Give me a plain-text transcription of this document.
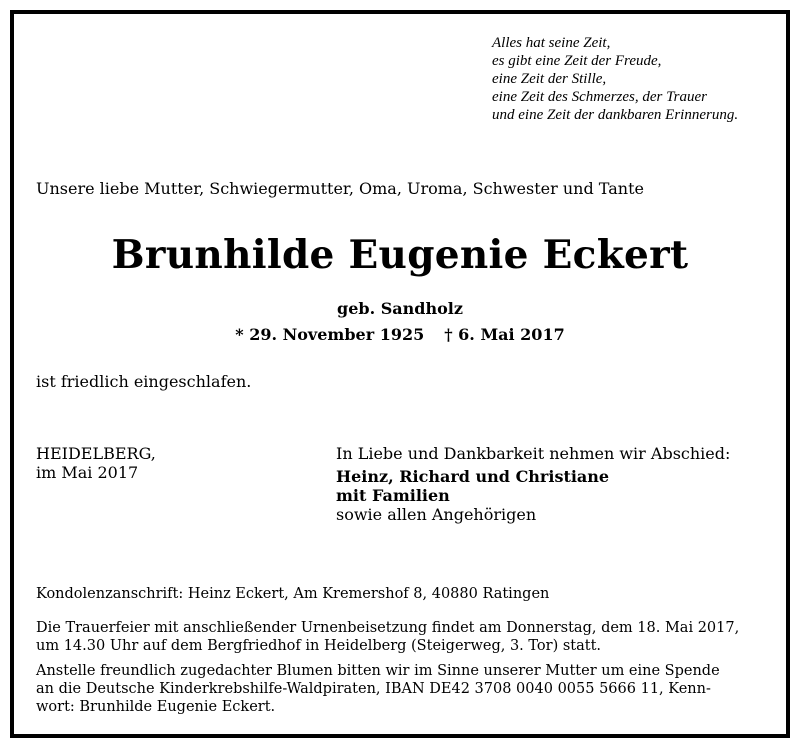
Alles hat seine Zeit,
es gibt eine Zeit der Freude,
eine Zeit der Stille,
eine Zeit des Schmerzes, der Trauer
und eine Zeit der dankbaren Erinnerung.
Unsere liebe Mutter, Schwiegermutter, Oma, Uroma, Schwester und Tante
Brunhilde Eugenie Eckert
geb. Sandholz
* 29. November 1925 † 6. Mai 2017
ist friedlich eingeschlafen.
HEIDELBERG,
im Mai 2017
In Liebe und Dankbarkeit nehmen wir Abschied:
Heinz, Richard und Christiane
mit Familien
sowie allen Angehörigen
Kondolenzanschrift: Heinz Eckert, Am Kremershof 8, 40880 Ratingen
Die Trauerfeier mit anschließender Urnenbeisetzung findet am Donnerstag, dem 18. Mai 2017,
um 14.30 Uhr auf dem Bergfriedhof in Heidelberg (Steigerweg, 3. Tor) statt.
Anstelle freundlich zugedachter Blumen bitten wir im Sinne unserer Mutter um eine Spende
an die Deutsche Kinderkrebshilfe-Waldpiraten, IBAN DE42 3708 0040 0055 5666 11, Kenn-
wort: Brunhilde Eugenie Eckert.
